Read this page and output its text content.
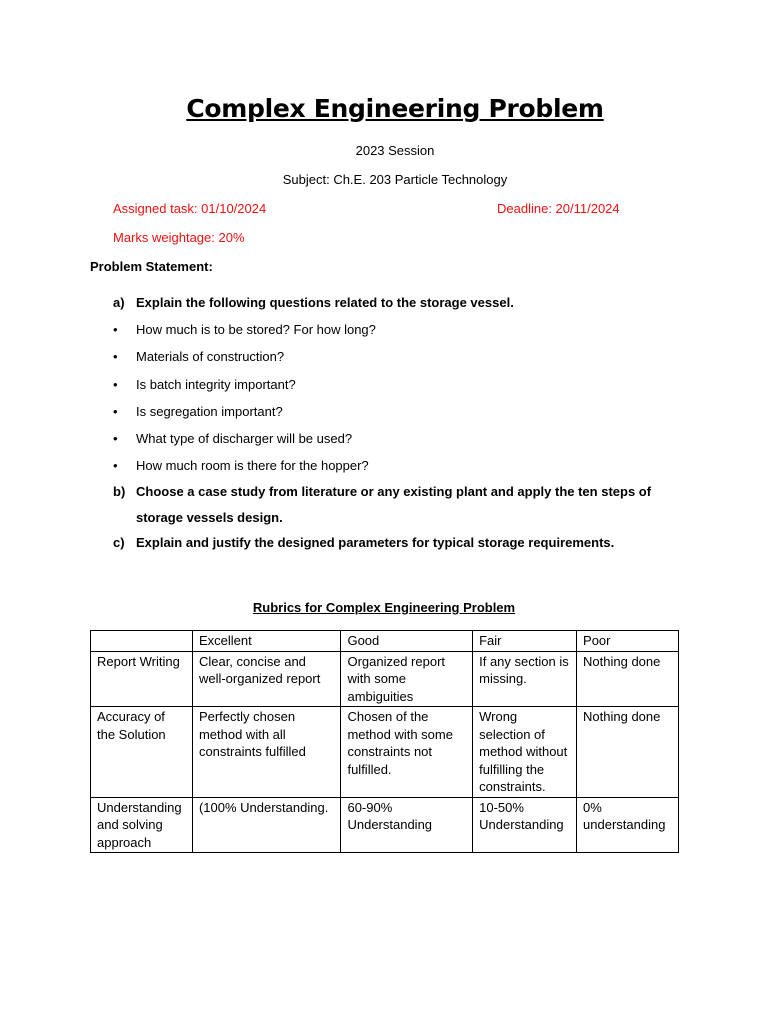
Complex Engineering Problem
2023 Session
Subject: Ch.E. 203 Particle Technology
Assigned task: 01/10/2024	Deadline: 20/11/2024
Marks weightage: 20%
Problem Statement:
a) Explain the following questions related to the storage vessel.
• How much is to be stored? For how long?
• Materials of construction?
• Is batch integrity important?
• Is segregation important?
• What type of discharger will be used?
• How much room is there for the hopper?
b) Choose a case study from literature or any existing plant and apply the ten steps of
storage vessels design.
c) Explain and justify the designed parameters for typical storage requirements.
Rubrics for Complex Engineering Problem
	Excellent	Good	Fair	Poor
Report Writing	Clear, concise and well-organized report	Organized report with some ambiguities	If any section is missing.	Nothing done
Accuracy of the Solution	Perfectly chosen method with all constraints fulfilled	Chosen of the method with some constraints not fulfilled.	Wrong selection of method without fulfilling the constraints.	Nothing done
Understanding and solving approach	(100% Understanding.	60-90% Understanding	10-50% Understanding	0% understanding
